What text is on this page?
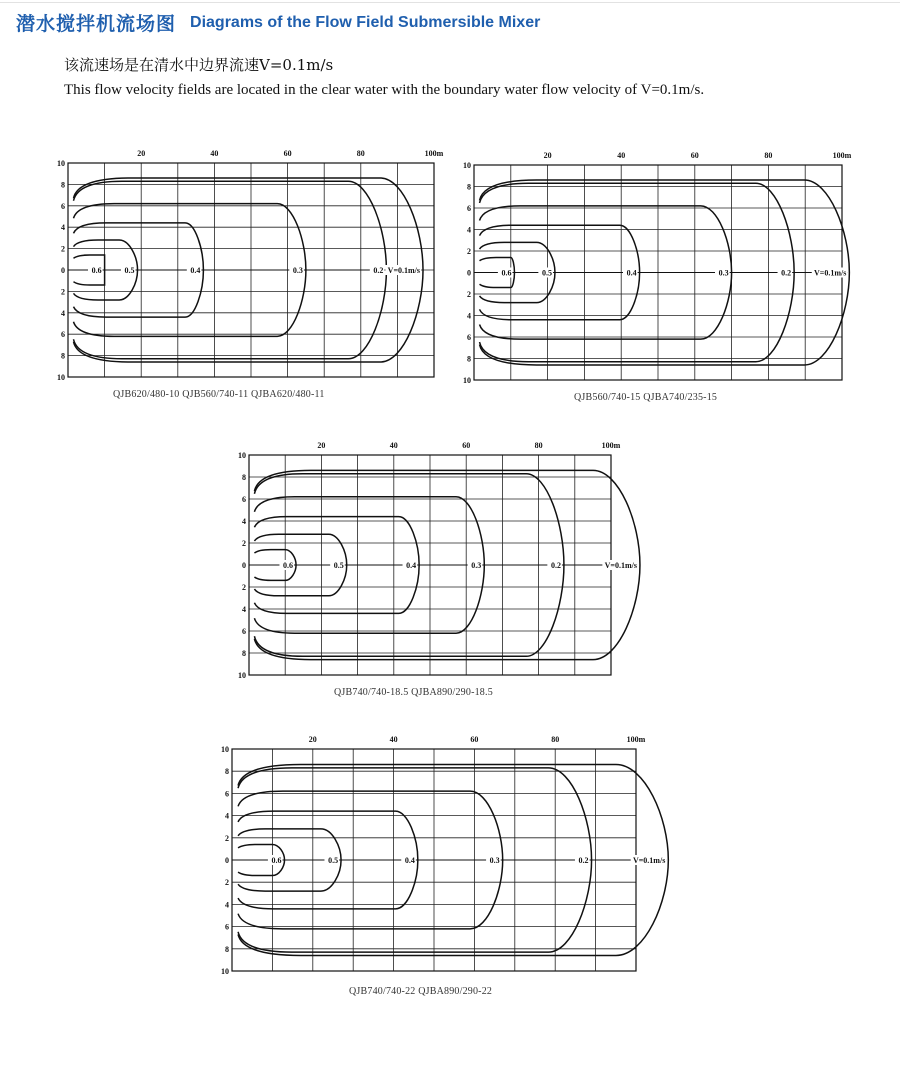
潜水搅拌机流场图 Diagrams of the Flow Field Submersible Mixer
该流速场是在清水中边界流速V=0.1m/s
This flow velocity fields are located in the clear water with the boundary water flow velocity of V=0.1m/s.
20	40	60	80	100m
10
8
6
4
2
0
2
4
6
8
10
0.6	0.5	0.4	0.3	0.2 V=0.1m/s
QJB620/480-10 QJB560/740-11 QJBA620/480-11
20	40	60	80	100m
10
8
6
4
2
0
2
4
6
8
10
0.6	0.5	0.4	0.3	0.2	V=0.1m/s
QJB560/740-15 QJBA740/235-15
20	40	60	80	100m
10
8
6
4
2
0
2
4
6
8
10
0.6	0.5	0.4	0.3	0.2	V=0.1m/s
QJB740/740-18.5 QJBA890/290-18.5
20	40	60	80	100m
10
8
6
4
2
0
2
4
6
8
10
0.6	0.5	0.4	0.3	0.2	V=0.1m/s
QJB740/740-22 QJBA890/290-22
